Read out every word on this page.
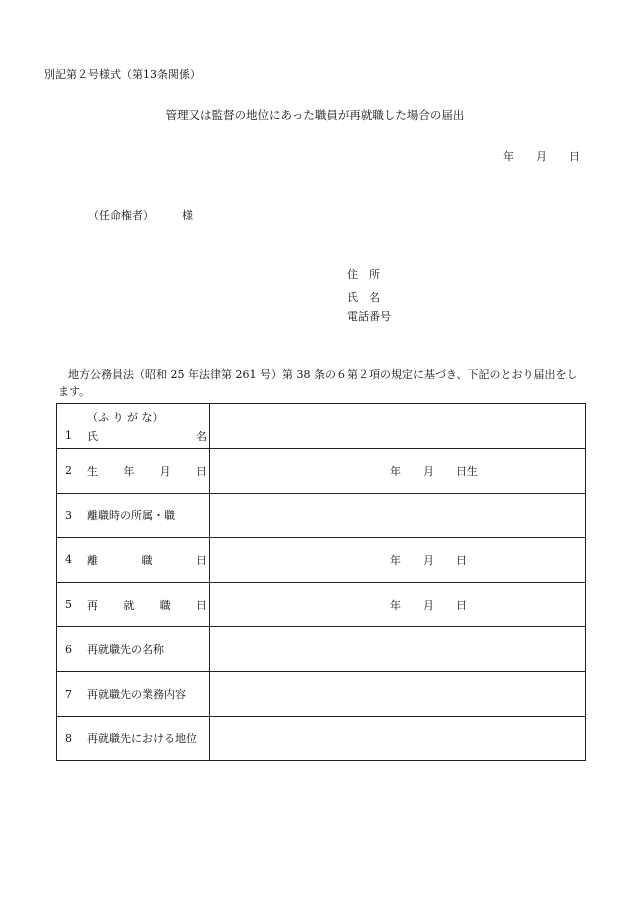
別記第２号様式（第13条関係）
管理又は監督の地位にあった職員が再就職した場合の届出
年 月 日
（任命権者）	様
住　所
氏　名
電話番号
地方公務員法（昭和 25 年法律第 261 号）第 38 条の６第２項の規定に基づき、下記のとおり届出をします。
（ふ り が な）
1 氏　　　　　名	
2 生　年　月　日	年 月 日生
3 離職時の所属・職	
4 離　　職　　日	年 月 日
5 再　就　職　日	年 月 日
6 再就職先の名称	
7 再就職先の業務内容	
8 再就職先における地位	
